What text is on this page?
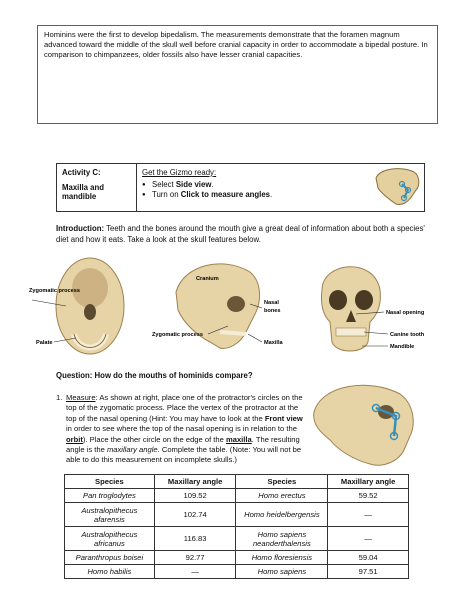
Hominins were the first to develop bipedalism. The measurements demonstrate that the foramen magnum advanced toward the middle of the skull well before cranial capacity in order to accommodate a bipedal posture. In comparison to chimpanzees, older fossils also have lesser cranial capacities.
Activity C:
Maxilla and mandible

Get the Gizmo ready:
● Select Side view.
● Turn on Click to measure angles.
Introduction: Teeth and the bones around the mouth give a great deal of information about both a species' diet and how it eats. Take a look at the skull features below.
Zygomatic process
Palate
Cranium
Nasal
bones
Zygomatic process
Maxilla
Nasal opening
Canine tooth
Mandible
Question: How do the mouths of hominids compare?
1. Measure: As shown at right, place one of the protractor's circles on the top of the zygomatic process. Place the vertex of the protractor at the top of the nasal opening (Hint: You may have to look at the Front view in order to see where the top of the nasal opening is in relation to the orbit). Place the other circle on the edge of the maxilla. The resulting angle is the maxillary angle. Complete the table. (Note: You will not be able to do this measurement on incomplete skulls.)
Species	Maxillary angle	Species	Maxillary angle
Pan troglodytes	109.52	Homo erectus	59.52
Australopithecus afarensis	102.74	Homo heidelbergensis	—
Australopithecus africanus	116.83	Homo sapiens neanderthalensis	—
Paranthropus boisei	92.77	Homo floresiensis	59.04
Homo habilis	—	Homo sapiens	97.51
